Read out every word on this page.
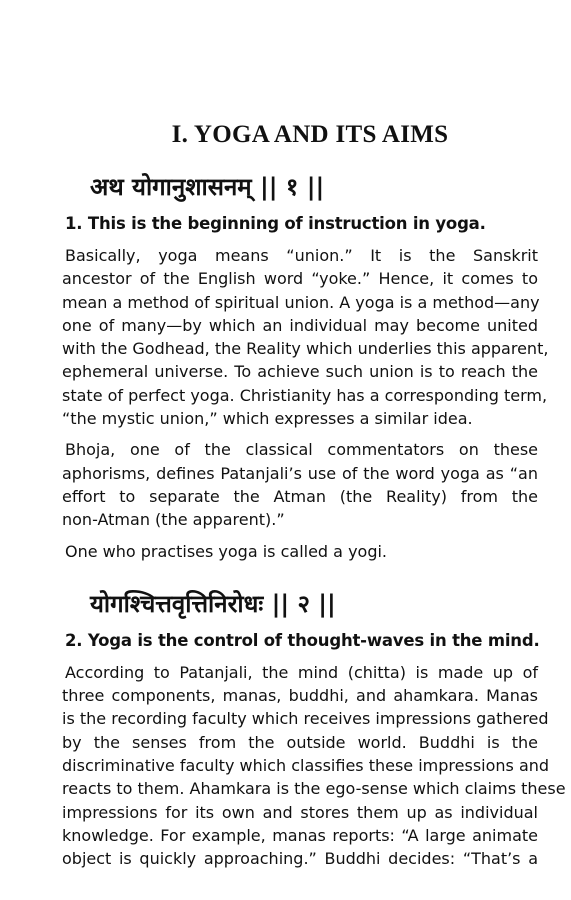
I. YOGA AND ITS AIMS
अथ योगानुशासनम् || १ ||
1. This is the beginning of instruction in yoga.
Basically, yoga means “union.” It is the Sanskrit
ancestor of the English word “yoke.” Hence, it comes to
mean a method of spiritual union. A yoga is a method—any
one of many—by which an individual may become united
with the Godhead, the Reality which underlies this apparent,
ephemeral universe. To achieve such union is to reach the
state of perfect yoga. Christianity has a corresponding term,
“the mystic union,” which expresses a similar idea.
Bhoja, one of the classical commentators on these
aphorisms, defines Patanjali’s use of the word yoga as “an
effort to separate the Atman (the Reality) from the
non-Atman (the apparent).”
One who practises yoga is called a yogi.
योगश्चित्तवृत्तिनिरोधः || २ ||
2. Yoga is the control of thought-waves in the mind.
According to Patanjali, the mind (chitta) is made up of
three components, manas, buddhi, and ahamkara. Manas
is the recording faculty which receives impressions gathered
by the senses from the outside world. Buddhi is the
discriminative faculty which classifies these impressions and
reacts to them. Ahamkara is the ego-sense which claims these
impressions for its own and stores them up as individual
knowledge. For example, manas reports: “A large animate
object is quickly approaching.” Buddhi decides: “That’s a
